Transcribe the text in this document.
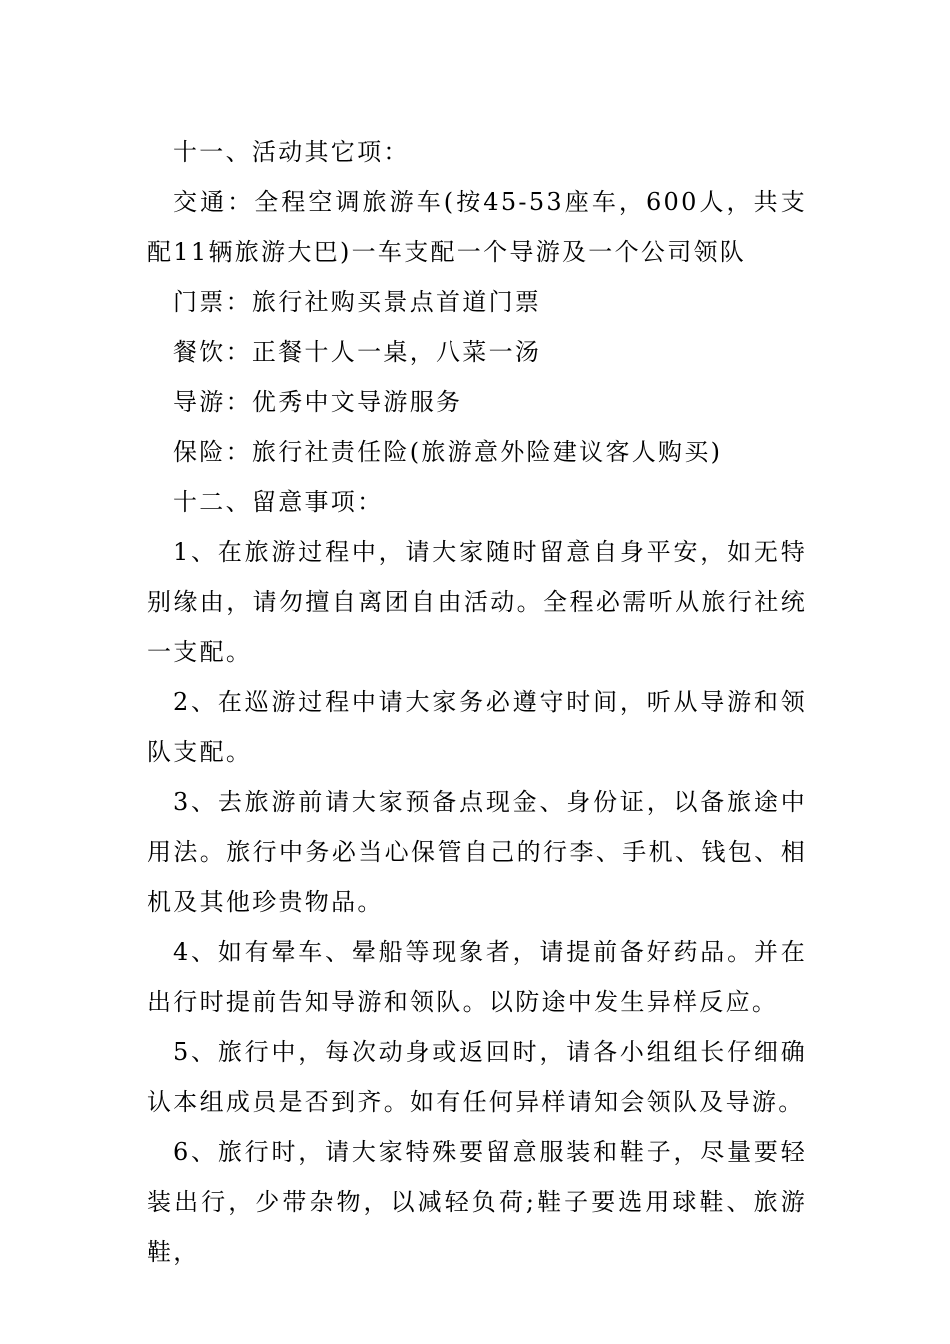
十一、活动其它项：

交通：全程空调旅游车(按45-53座车，600人，共支配11辆旅游大巴)一车支配一个导游及一个公司领队

门票：旅行社购买景点首道门票

餐饮：正餐十人一桌，八菜一汤

导游：优秀中文导游服务

保险：旅行社责任险(旅游意外险建议客人购买)

十二、留意事项：

1、在旅游过程中，请大家随时留意自身平安，如无特别缘由，请勿擅自离团自由活动。全程必需听从旅行社统一支配。

2、在巡游过程中请大家务必遵守时间，听从导游和领队支配。

3、去旅游前请大家预备点现金、身份证，以备旅途中用法。旅行中务必当心保管自己的行李、手机、钱包、相机及其他珍贵物品。

4、如有晕车、晕船等现象者，请提前备好药品。并在出行时提前告知导游和领队。以防途中发生异样反应。

5、旅行中，每次动身或返回时，请各小组组长仔细确认本组成员是否到齐。如有任何异样请知会领队及导游。

6、旅行时，请大家特殊要留意服装和鞋子，尽量要轻装出行，少带杂物，以减轻负荷;鞋子要选用球鞋、旅游鞋，
